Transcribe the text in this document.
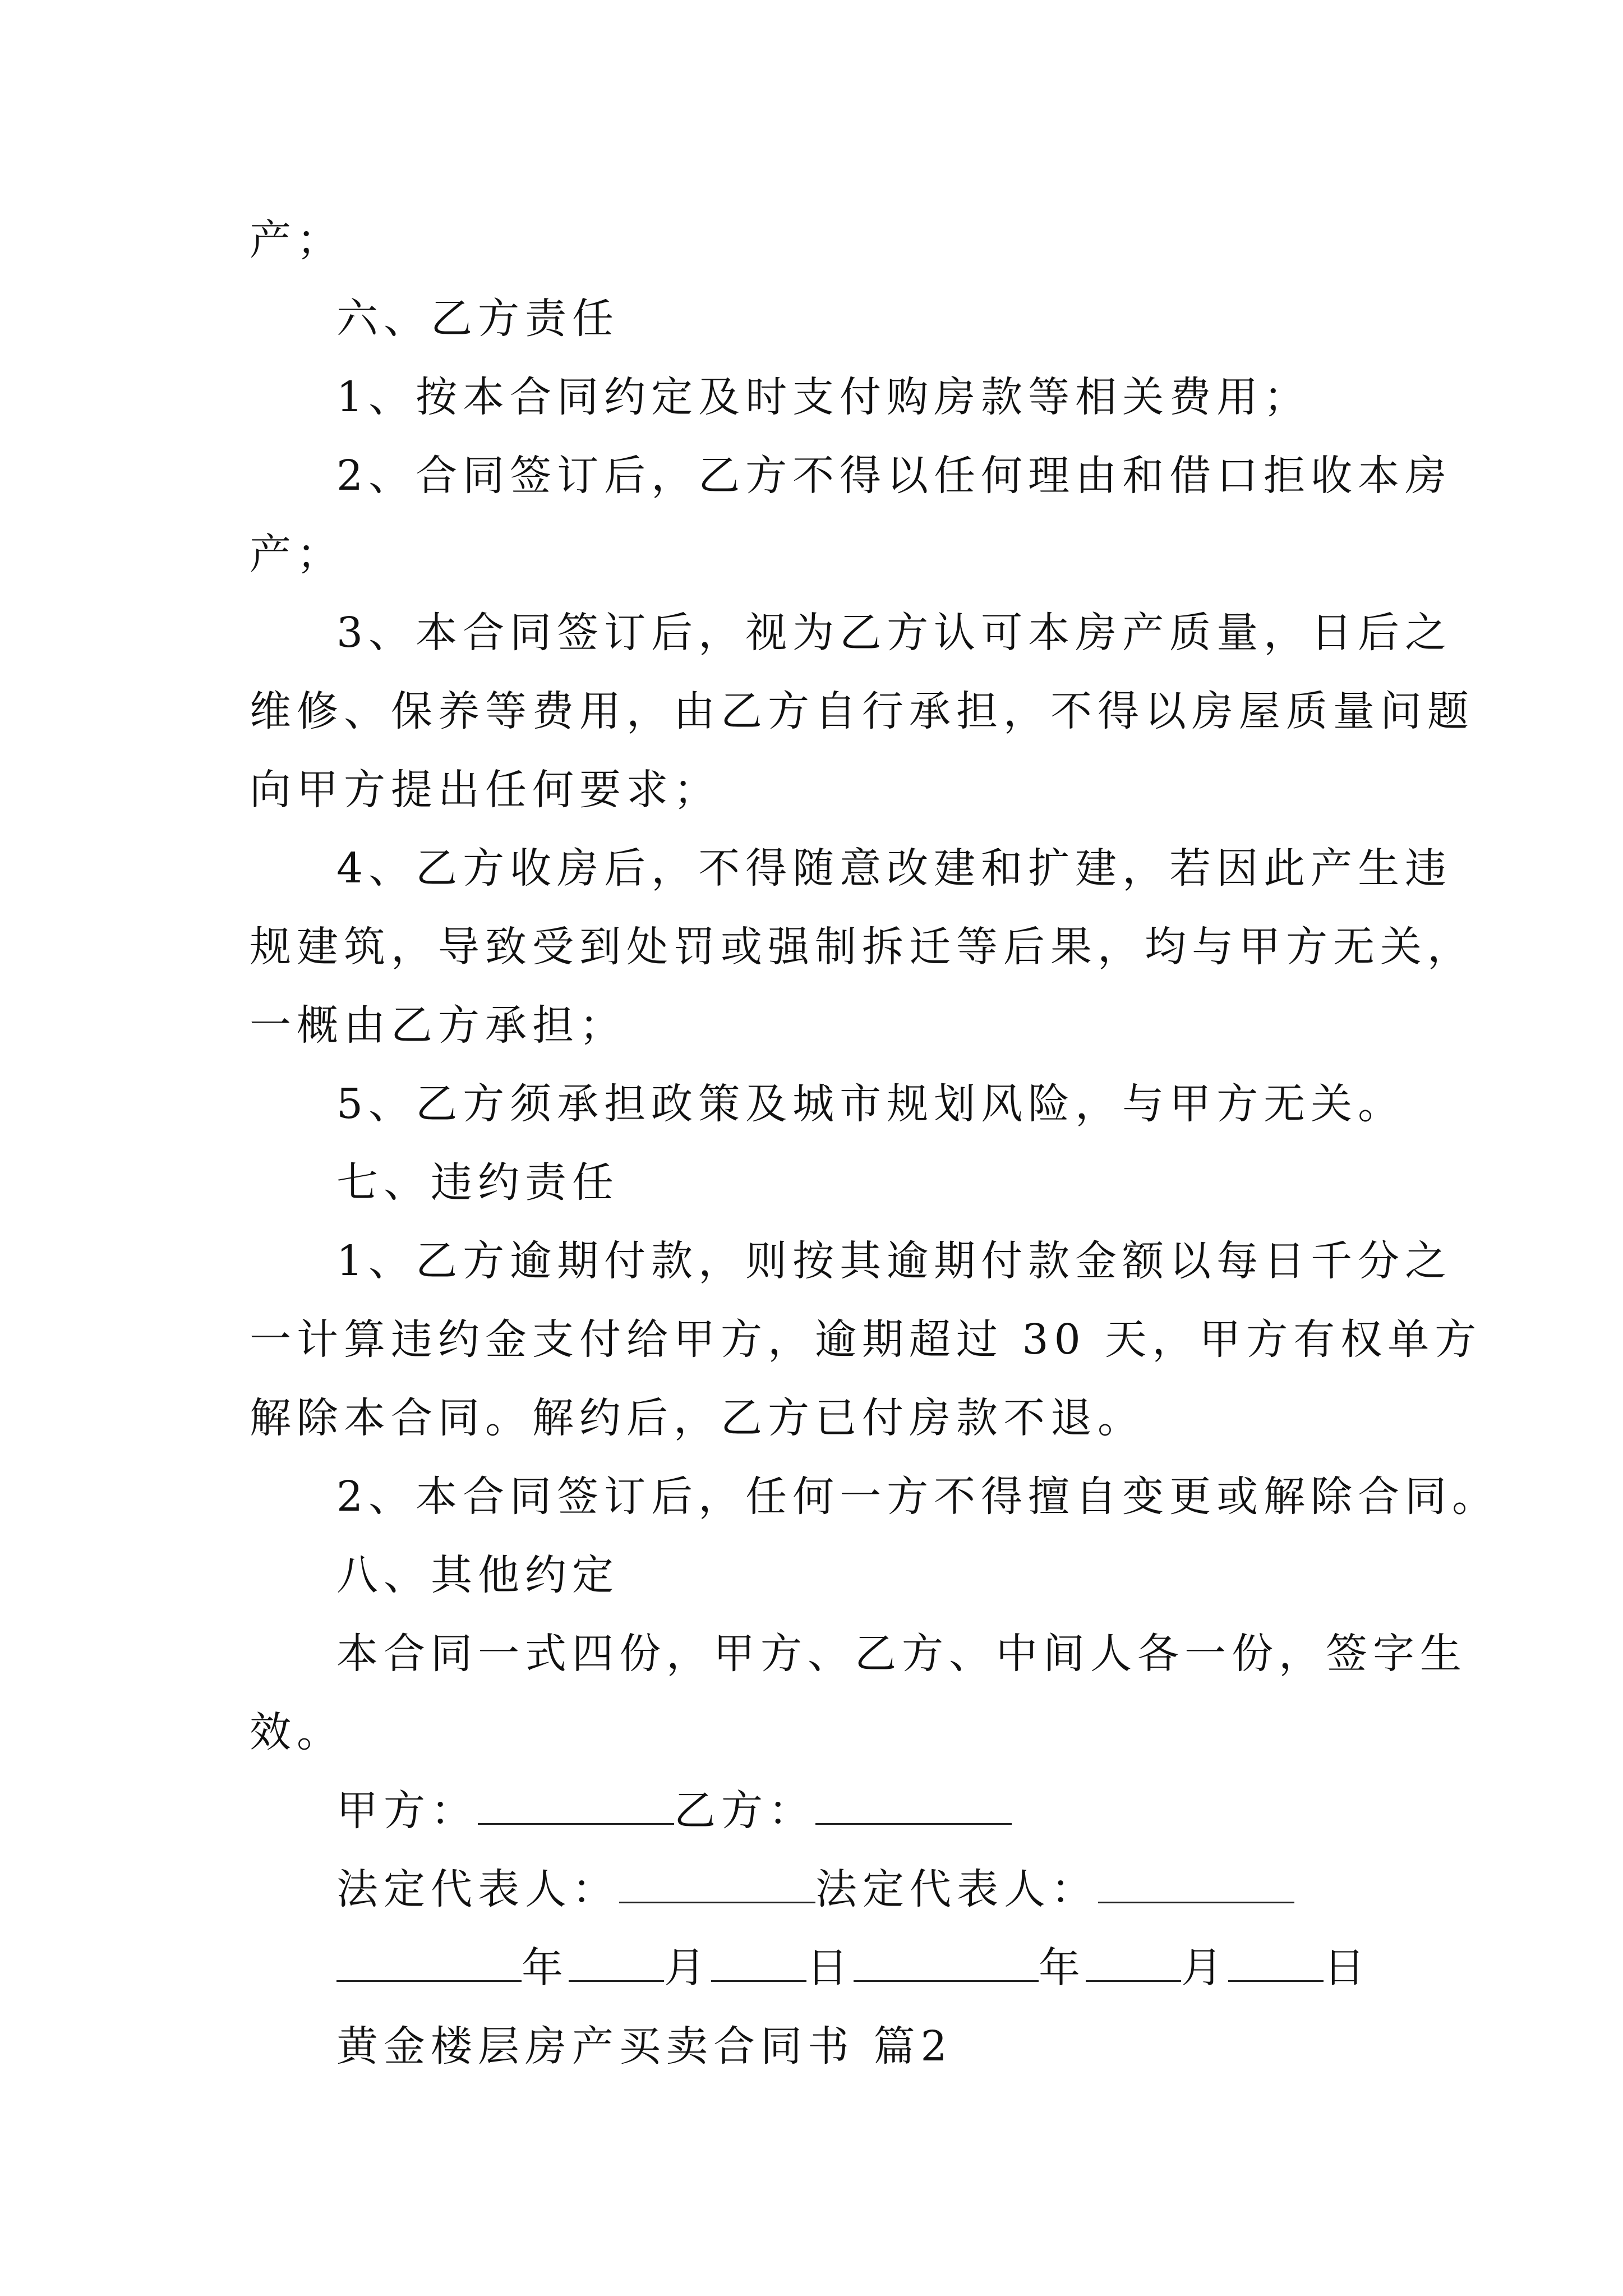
产；
六、乙方责任
1、按本合同约定及时支付购房款等相关费用；
2、合同签订后，乙方不得以任何理由和借口拒收本房
产；
3、本合同签订后，视为乙方认可本房产质量，日后之
维修、保养等费用，由乙方自行承担，不得以房屋质量问题
向甲方提出任何要求；
4、乙方收房后，不得随意改建和扩建，若因此产生违
规建筑，导致受到处罚或强制拆迁等后果，均与甲方无关，
一概由乙方承担；
5、乙方须承担政策及城市规划风险，与甲方无关。
七、违约责任
1、乙方逾期付款，则按其逾期付款金额以每日千分之
一计算违约金支付给甲方，逾期超过 30 天，甲方有权单方
解除本合同。解约后，乙方已付房款不退。
2、本合同签订后，任何一方不得擅自变更或解除合同。
八、其他约定
本合同一式四份，甲方、乙方、中间人各一份，签字生
效。
甲方：	乙方：
法定代表人：	法定代表人：
年 月 日	年 月 日
黄金楼层房产买卖合同书 篇2
